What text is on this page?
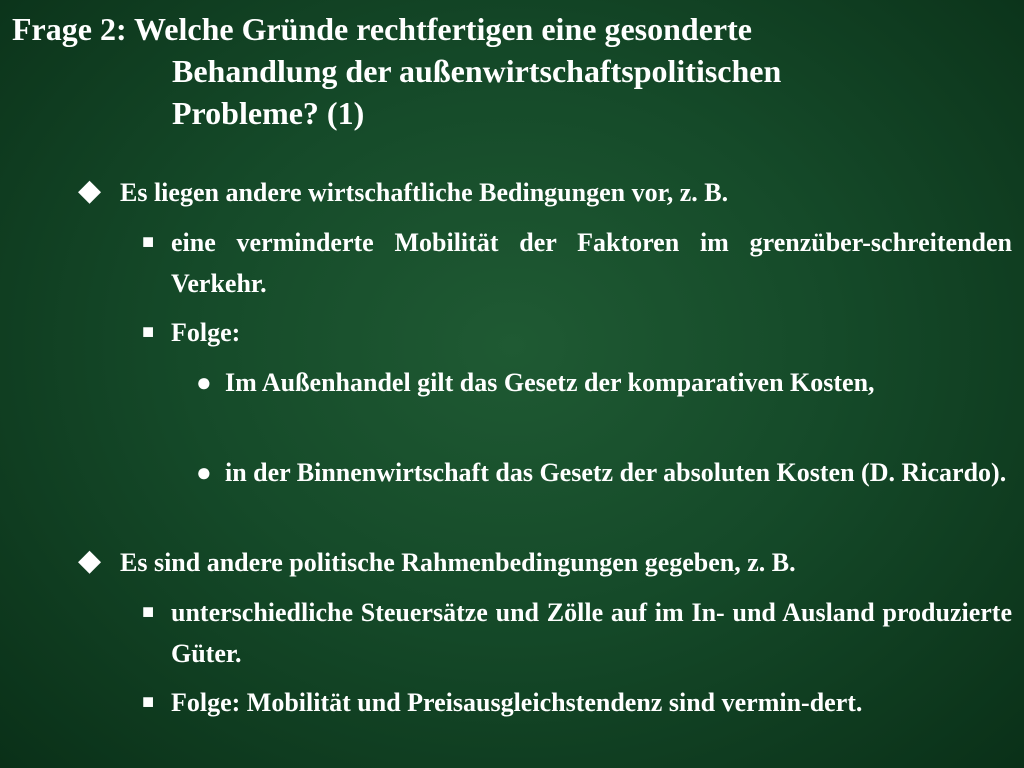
Frage 2: Welche Gründe rechtfertigen eine gesonderte
Behandlung der außenwirtschaftspolitischen
Probleme? (1)
◆ Es liegen andere wirtschaftliche Bedingungen vor, z. B.
■ eine verminderte Mobilität der Faktoren im grenzüber-schreitenden Verkehr.
■ Folge:
● Im Außenhandel gilt das Gesetz der komparativen Kosten,
● in der Binnenwirtschaft das Gesetz der absoluten Kosten (D. Ricardo).
◆ Es sind andere politische Rahmenbedingungen gegeben, z. B.
■ unterschiedliche Steuersätze und Zölle auf im In- und Ausland produzierte Güter.
■ Folge: Mobilität und Preisausgleichstendenz sind vermin-dert.
